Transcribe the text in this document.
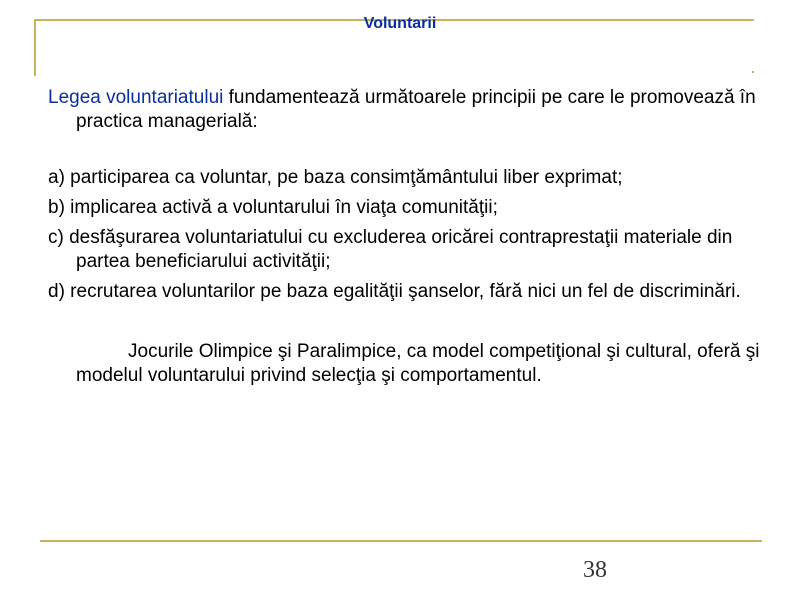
Voluntarii

Legea voluntariatului fundamentează următoarele principii pe care le promovează în practica managerială:

a) participarea ca voluntar, pe baza consimţământului liber exprimat;

b) implicarea activă a voluntarului în viaţa comunităţii;

c) desfăşurarea voluntariatului cu excluderea oricărei contraprestaţii materiale din partea beneficiarului activităţii;

d) recrutarea voluntarilor pe baza egalităţii şanselor, fără nici un fel de discriminări.

Jocurile Olimpice şi Paralimpice, ca model competiţional şi cultural, oferă şi modelul voluntarului privind selecţia şi comportamentul.

38
